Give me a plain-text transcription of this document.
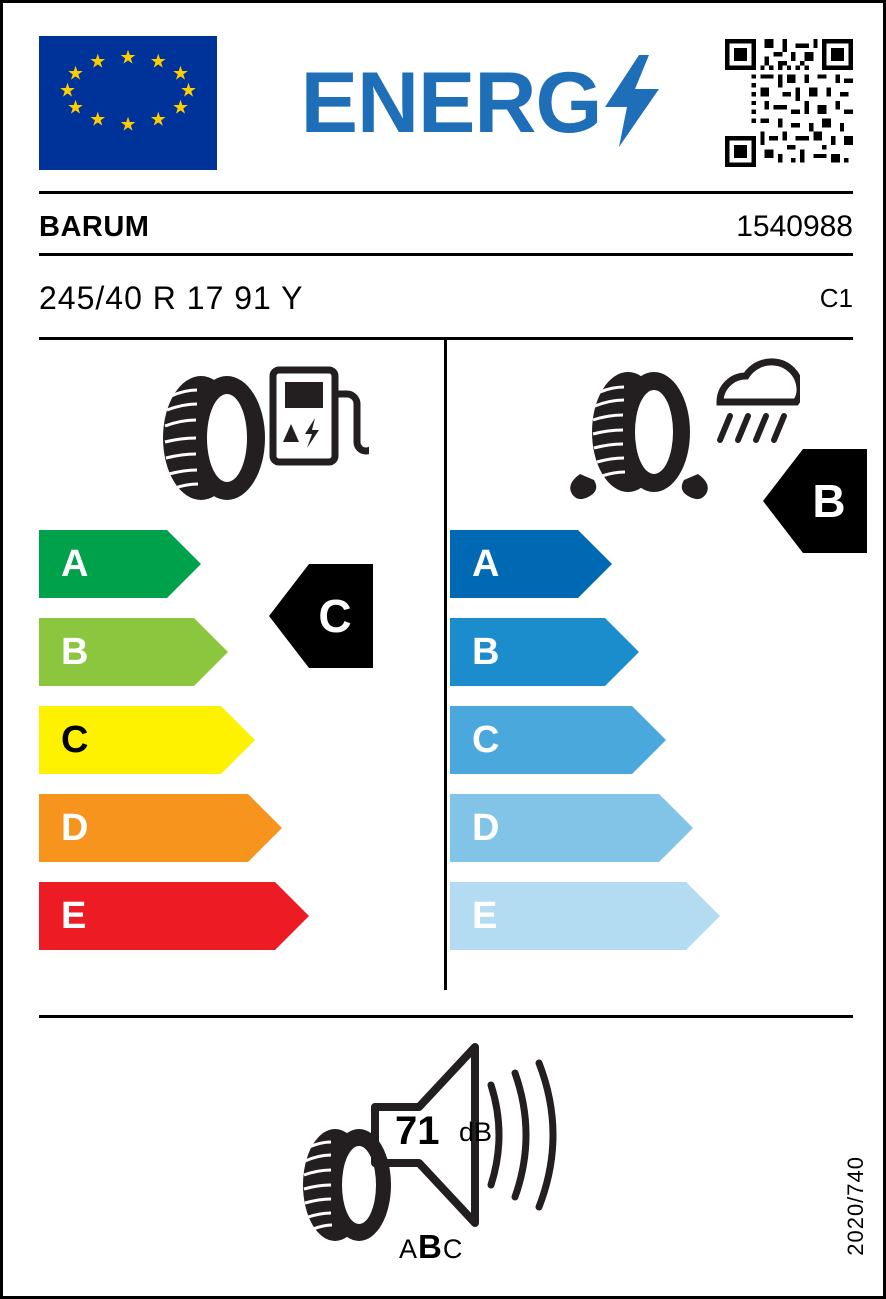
★ ★
★
★
★
★
★
★
★
★
★
★ ENERG
BARUM	1540988
245/40 R 17 91 Y	C1
A
B
C
D
E
C
A
B
C
D
E
B
71 dB
ABC	2020/740
